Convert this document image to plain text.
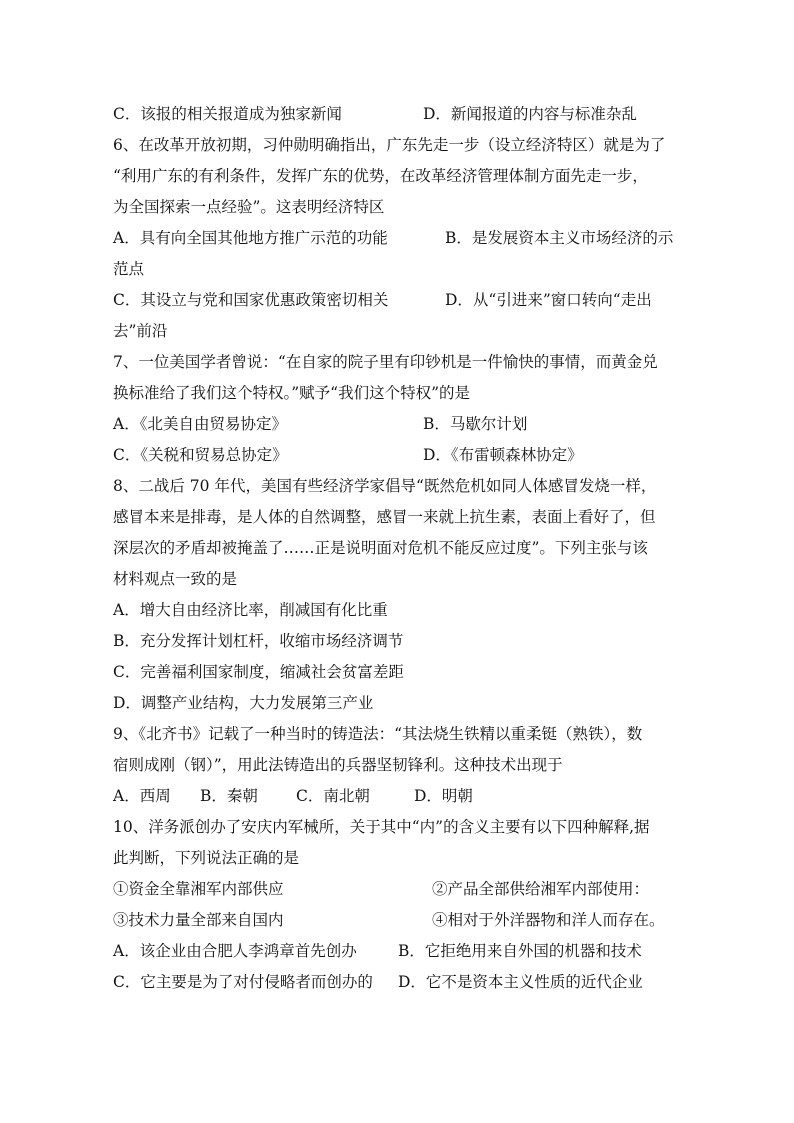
C．该报的相关报道成为独家新闻	D．新闻报道的内容与标准杂乱
6、在改革开放初期，习仲勋明确指出，广东先走一步（设立经济特区）就是为了
“利用广东的有利条件，发挥广东的优势，在改革经济管理体制方面先走一步，
为全国探索一点经验”。这表明经济特区
A．具有向全国其他地方推广示范的功能	B．是发展资本主义市场经济的示
范点
C．其设立与党和国家优惠政策密切相关	D．从“引进来”窗口转向“走出
去”前沿
7、一位美国学者曾说：“在自家的院子里有印钞机是一件愉快的事情，而黄金兑
换标准给了我们这个特权。”赋予“我们这个特权”的是
A．《北美自由贸易协定》	B．马歇尔计划
C．《关税和贸易总协定》	D．《布雷顿森林协定》
8、二战后 70 年代，美国有些经济学家倡导“既然危机如同人体感冒发烧一样，
感冒本来是排毒，是人体的自然调整，感冒一来就上抗生素，表面上看好了，但
深层次的矛盾却被掩盖了……正是说明面对危机不能反应过度”。下列主张与该
材料观点一致的是
A．增大自由经济比率，削减国有化比重
B．充分发挥计划杠杆，收缩市场经济调节
C．完善福利国家制度，缩减社会贫富差距
D．调整产业结构，大力发展第三产业
9、《北齐书》记载了一种当时的铸造法：“其法烧生铁精以重柔铤（熟铁），数
宿则成刚（钢）”，用此法铸造出的兵器坚韧锋利。这种技术出现于
A．西周 B．秦朝 C．南北朝	D．明朝
10、洋务派创办了安庆内军械所，关于其中“内”的含义主要有以下四种解释,据
此判断，下列说法正确的是
①资金全靠湘军内部供应	②产品全部供给湘军内部使用：
③技术力量全部来自国内	④相对于外洋器物和洋人而存在。
A．该企业由合肥人李鸿章首先创办	B．它拒绝用来自外国的机器和技术
C．它主要是为了对付侵略者而创办的 D．它不是资本主义性质的近代企业
